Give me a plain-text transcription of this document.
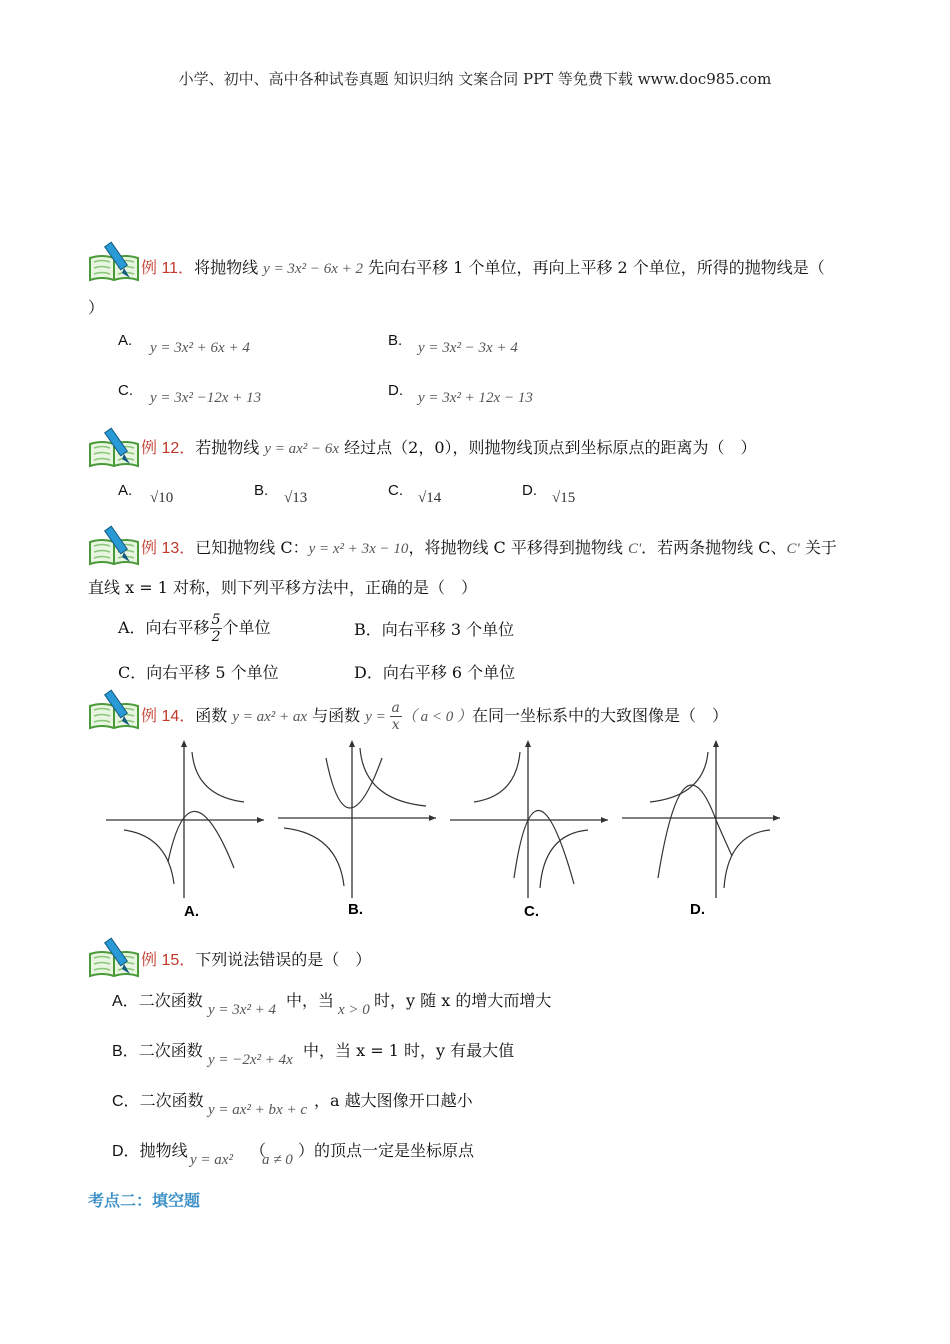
小学、初中、高中各种试卷真题 知识归纳 文案合同 PPT 等免费下载 www.doc985.com
例 11．将抛物线 y = 3x² − 6x + 2 先向右平移 1 个单位，再向上平移 2 个单位，所得的抛物线是（
）
A.	y = 3x² + 6x + 4	B.	y = 3x² − 3x + 4
C.	y = 3x² −12x + 13	D.	y = 3x² + 12x − 13
例 12．若抛物线 y = ax² − 6x 经过点（2，0），则抛物线顶点到坐标原点的距离为（　）
A.	√10	B.	√13	C.	√14	D.	√15
例 13．已知抛物线 C：y = x² + 3x − 10，将抛物线 C 平移得到抛物线 C'．若两条抛物线 C、C' 关于
直线 x = 1 对称，则下列平移方法中，正确的是（　）
A．向右平移 $\frac{5}{2}$ 个单位	B．向右平移 3 个单位
C．向右平移 5 个单位	D．向右平移 6 个单位
例 14．函数 y = ax² + ax 与函数 $y = \frac{a}{x}$ （ a < 0 ）在同一坐标系中的大致图像是（　）
A.	B.	C.	D.
例 15．下列说法错误的是（　）
A．二次函数 y = 3x² + 4 中，当 x > 0 时，y 随 x 的增大而增大
B．二次函数 y = −2x² + 4x 中，当 x = 1 时，y 有最大值
C．二次函数 y = ax² + bx + c ，a 越大图像开口越小
D．抛物线 y = ax² （
a ≠ 0 ）的顶点一定是坐标原点
考点二：填空题
